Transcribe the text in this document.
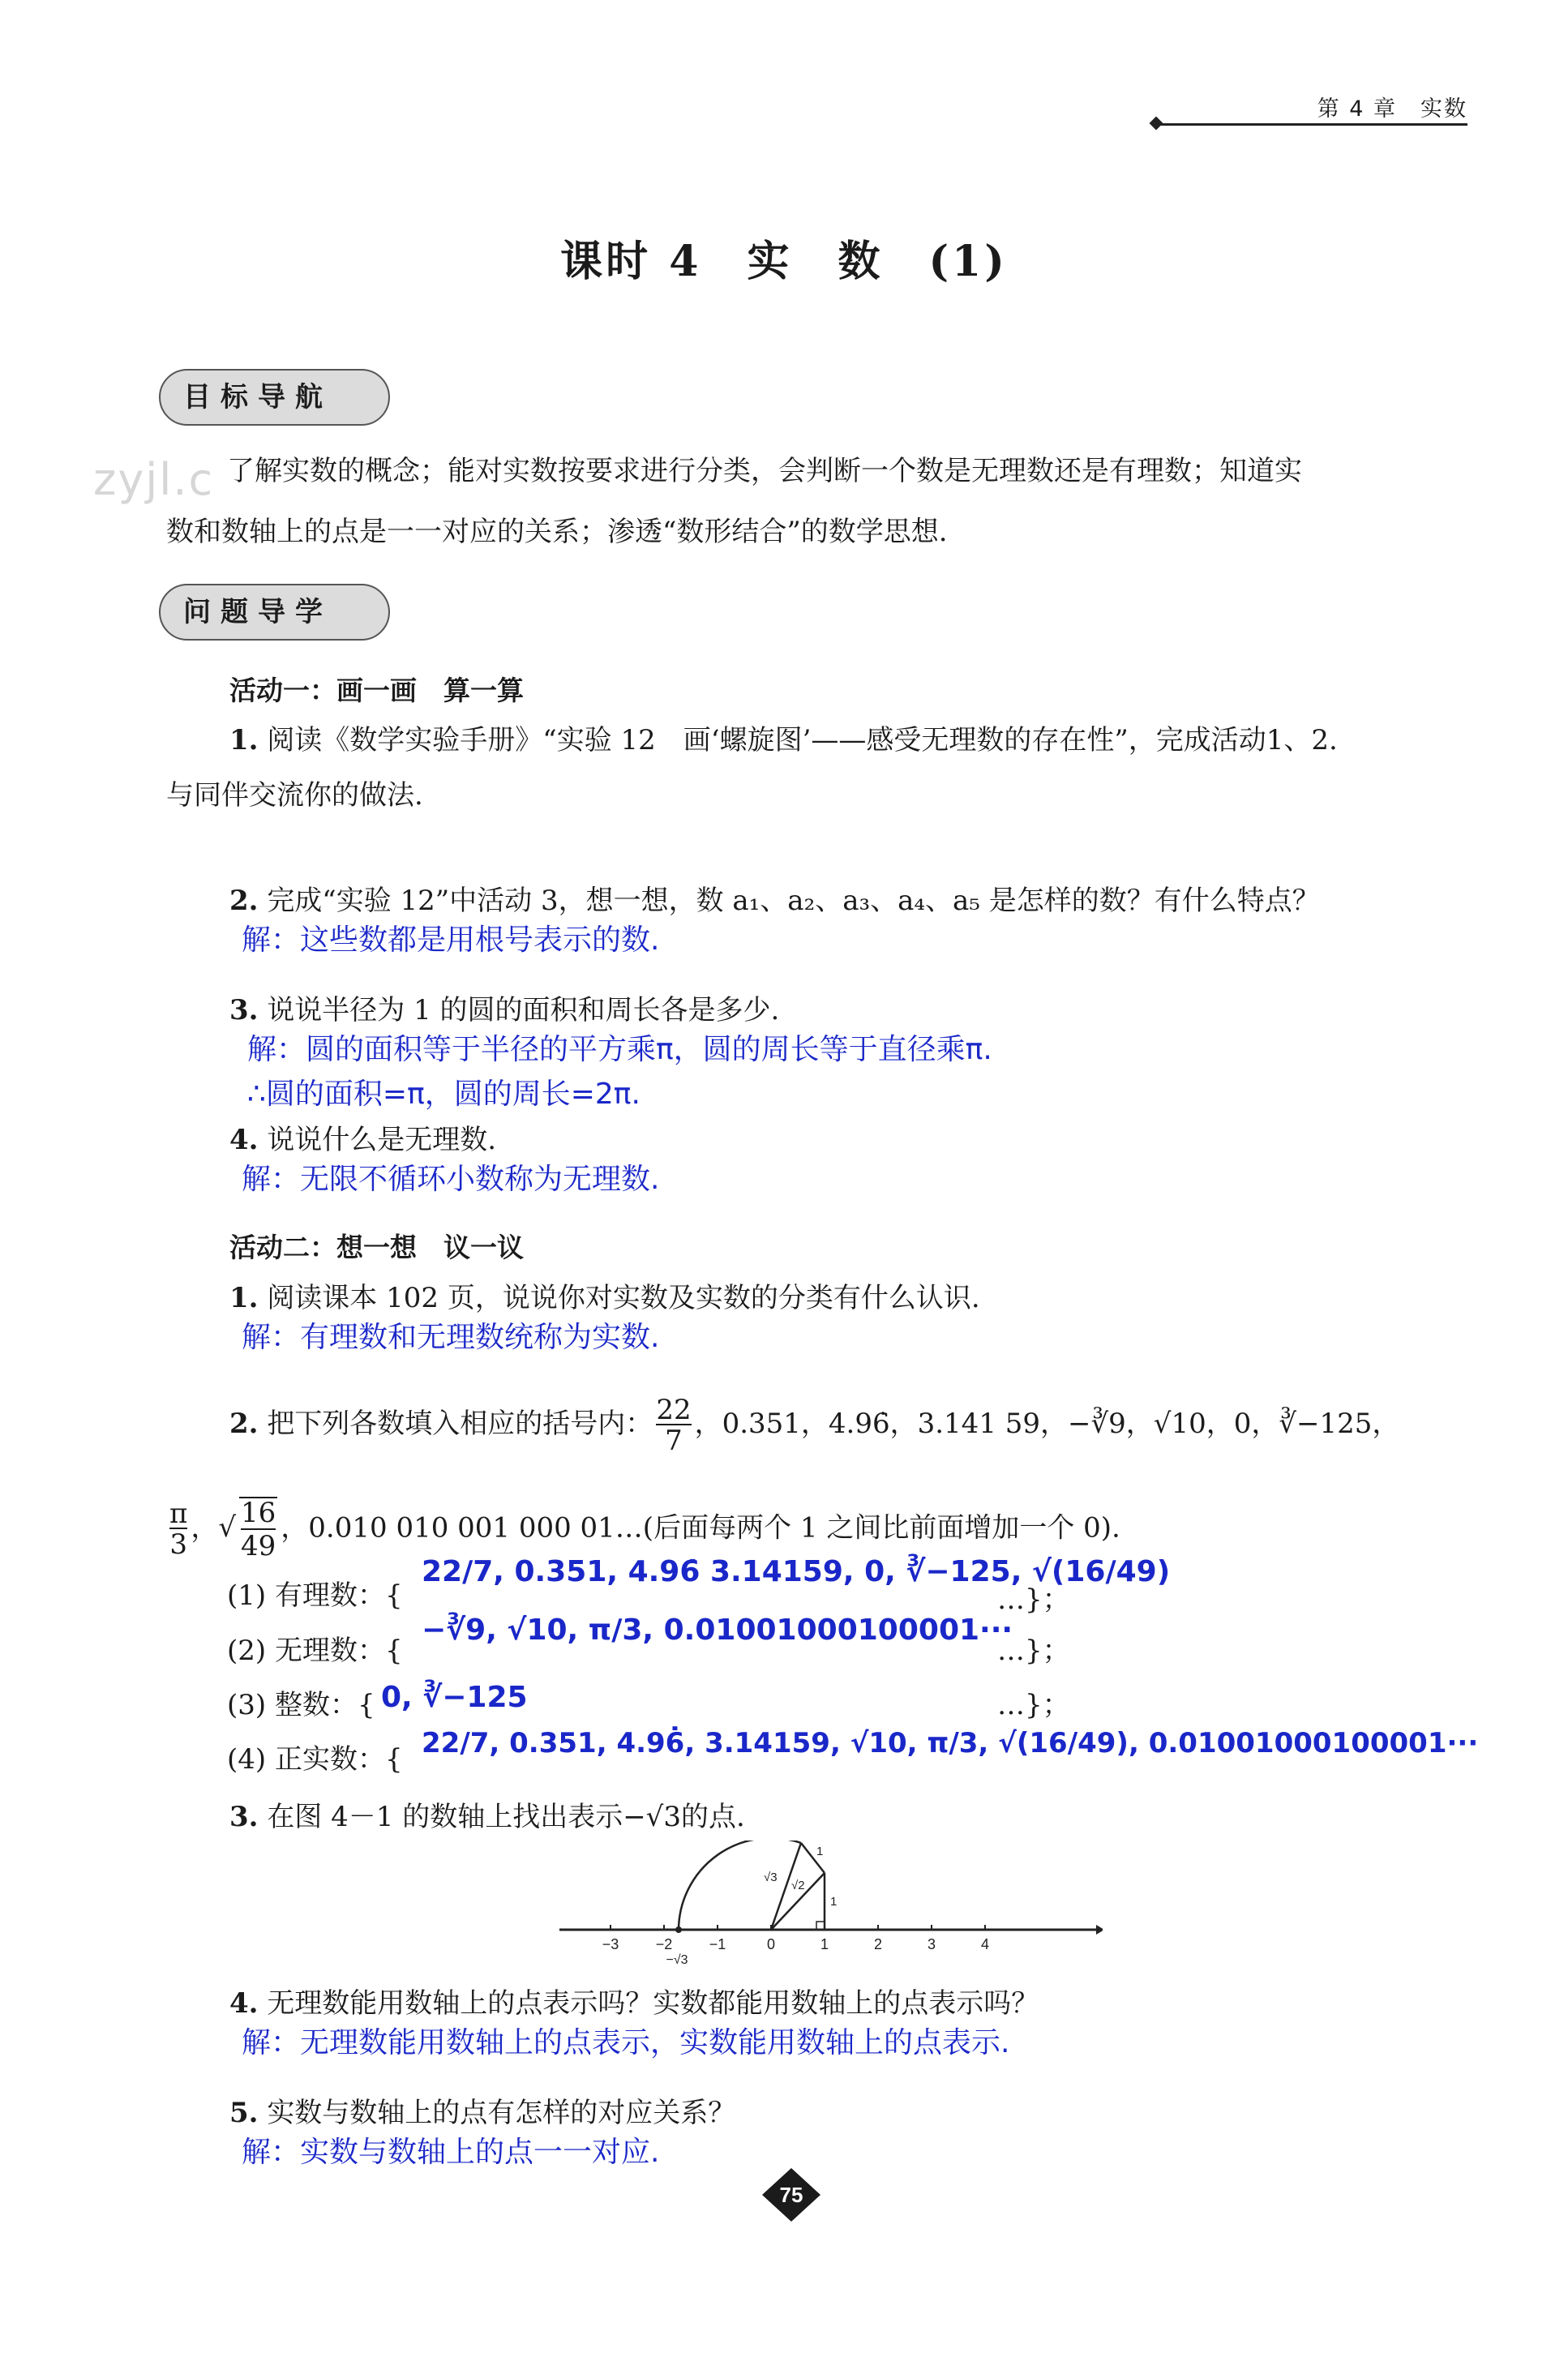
第 4 章　实数
zyjl.c
课时 4　实　数　(1)
目标导航
了解实数的概念；能对实数按要求进行分类，会判断一个数是无理数还是有理数；知道实
数和数轴上的点是一一对应的关系；渗透“数形结合”的数学思想.
问题导学
活动一：画一画　算一算
1. 阅读《数学实验手册》“实验 12　画‘螺旋图’——感受无理数的存在性”，完成活动1、2.
与同伴交流你的做法.
2. 完成“实验 12”中活动 3，想一想，数 a₁、a₂、a₃、a₄、a₅ 是怎样的数？有什么特点？
解：这些数都是用根号表示的数.
3. 说说半径为 1 的圆的面积和周长各是多少.
解：圆的面积等于半径的平方乘π，圆的周长等于直径乘π.
∴圆的面积=π，圆的周长=2π.
4. 说说什么是无理数.
解：无限不循环小数称为无理数.
活动二：想一想　议一议
1. 阅读课本 102 页，说说你对实数及实数的分类有什么认识.
解：有理数和无理数统称为实数.
2. 把下列各数填入相应的括号内： $\frac{22}{7}$ ，0.351，4.96̇，3.141 59，−∛9，√10，0，∛−125，
$\frac{\pi}{3}$ ，√ $\frac{16}{49}$ ，0.010 010 001 000 01…(后面每两个 1 之间比前面增加一个 0).
(1) 有理数：{
22/7, 0.351, 4.96̇ 3.14159, 0, ∛−125, √(16/49)
…}；
(2) 无理数：{
−∛9, √10, π/3, 0.01001000100001···
…}；
(3) 整数：{ 0, ∛−125	…}；
(4) 正实数：{ 22/7, 0.351, 4.96̇, 3.14159, √10, π/3, √(16/49), 0.01001000100001···
3. 在图 4－1 的数轴上找出表示−√3的点.
−3	−2	−1	0	1	2	3	4
−√3
√3
√2
1
1
4. 无理数能用数轴上的点表示吗？实数都能用数轴上的点表示吗？
解：无理数能用数轴上的点表示，实数能用数轴上的点表示.
5. 实数与数轴上的点有怎样的对应关系？
解：实数与数轴上的点一一对应.
75
